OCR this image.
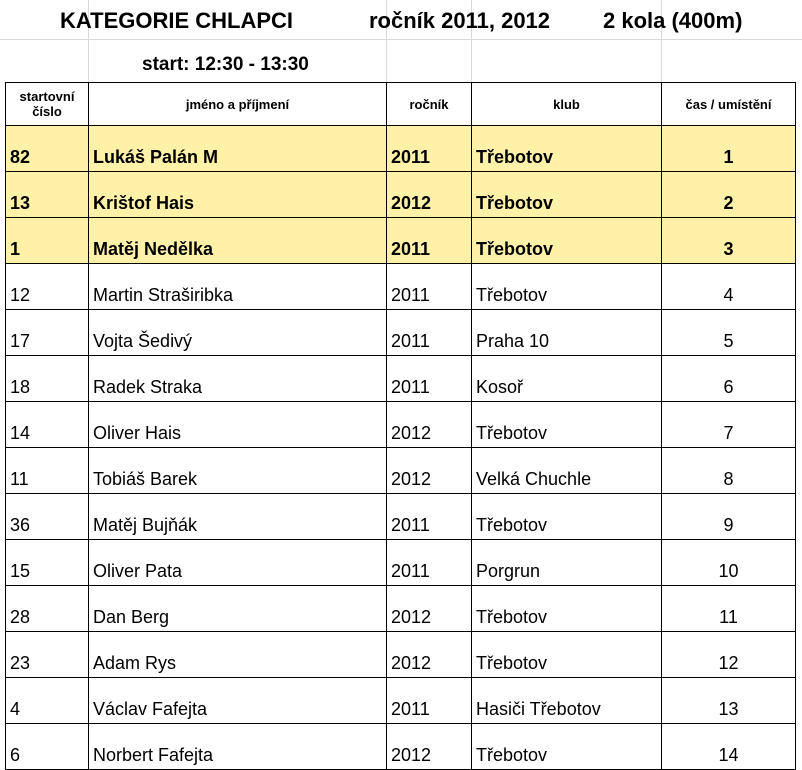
KATEGORIE CHLAPCI	ročník 2011, 2012 2 kola (400m)
start: 12:30 - 13:30
startovní číslo	jméno a příjmení	ročník	klub	čas / umístění
82	Lukáš Palán M	2011	Třebotov	1
13	Krištof Hais	2012	Třebotov	2
1	Matěj Nedělka	2011	Třebotov	3
12	Martin Straširibka	2011	Třebotov	4
17	Vojta Šedivý	2011	Praha 10	5
18	Radek Straka	2011	Kosoř	6
14	Oliver Hais	2012	Třebotov	7
11	Tobiáš Barek	2012	Velká Chuchle	8
36	Matěj Bujňák	2011	Třebotov	9
15	Oliver Pata	2011	Porgrun	10
28	Dan Berg	2012	Třebotov	11
23	Adam Rys	2012	Třebotov	12
4	Václav Fafejta	2011	Hasiči Třebotov	13
6	Norbert Fafejta	2012	Třebotov	14
